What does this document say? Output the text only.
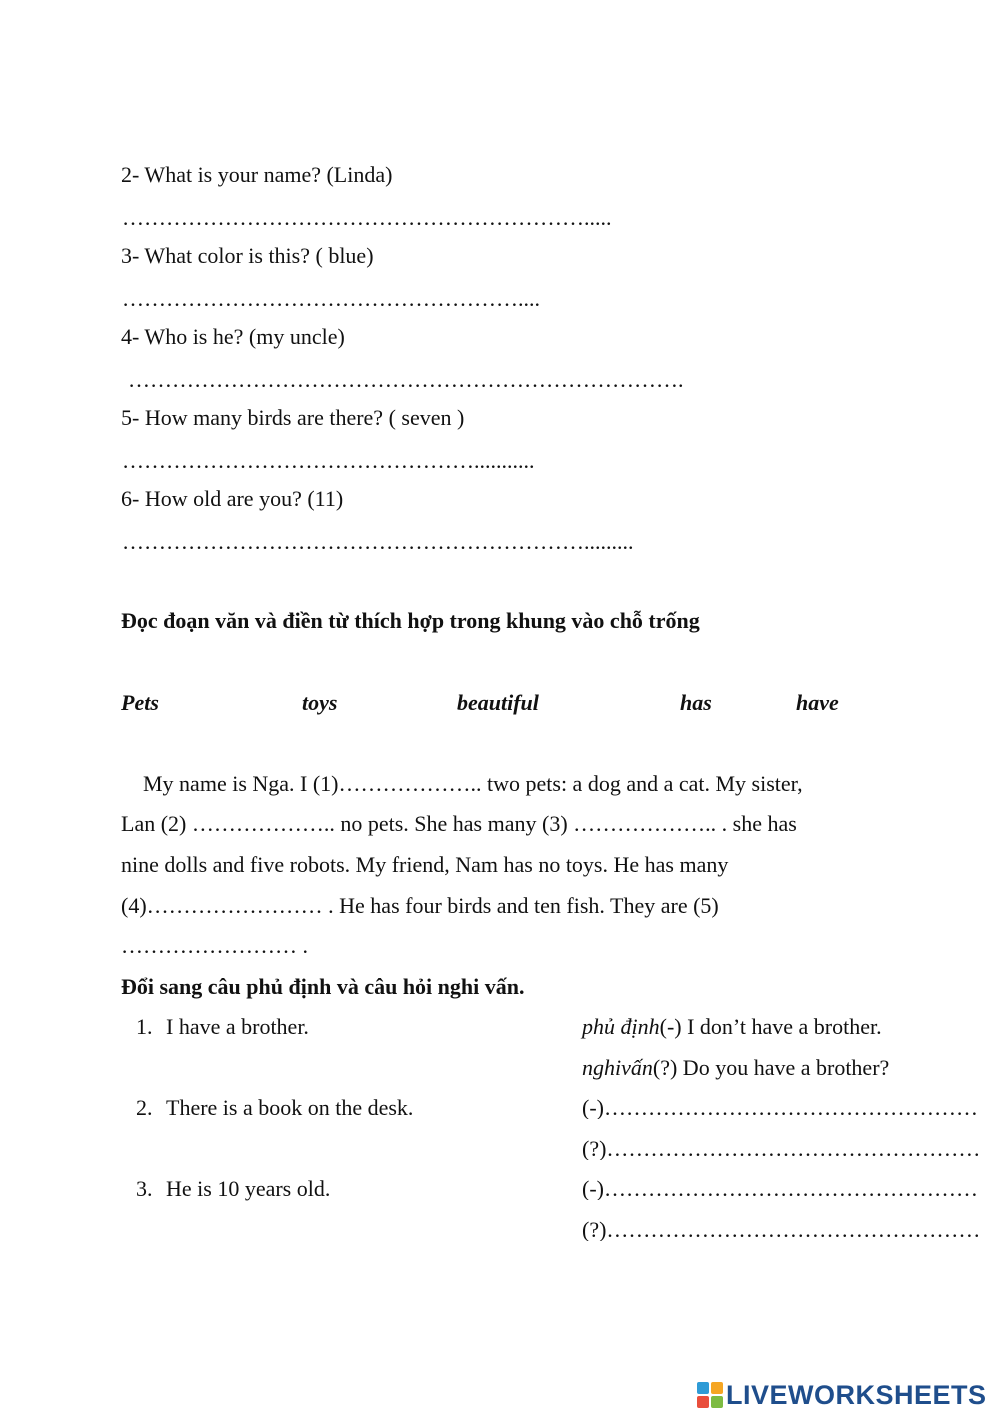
2- What is your name? (Linda)
……………………………………………………….....
3- What color is this? ( blue)
………………………………………………....
4- Who is he? (my uncle)
………………………………………………………………….
5- How many birds are there? ( seven )
…………………………………………...........
6- How old are you? (11)
……………………………………………………….........
Đọc đoạn văn và điền từ thích hợp trong khung vào chỗ trống
Pets	toys	beautiful	has	have
My name is Nga. I (1)……………….. two pets: a dog and a cat. My sister,
Lan (2) ……………….. no pets. She has many (3) ……………….. . she has
nine dolls and five robots. My friend, Nam has no toys. He has many
(4)…………………… . He has four birds and ten fish. They are (5)
…………………… .
Đổi sang câu phủ định và câu hỏi nghi vấn.
1. I have a brother.	phủ định(-) I don’t have a brother.
nghivấn(?) Do you have a brother?
2. There is a book on the desk.	(-)……………………………………………
(?)……………………………………………
3. He is 10 years old.	(-)……………………………………………
(?)……………………………………………
LIVEWORKSHEETS
